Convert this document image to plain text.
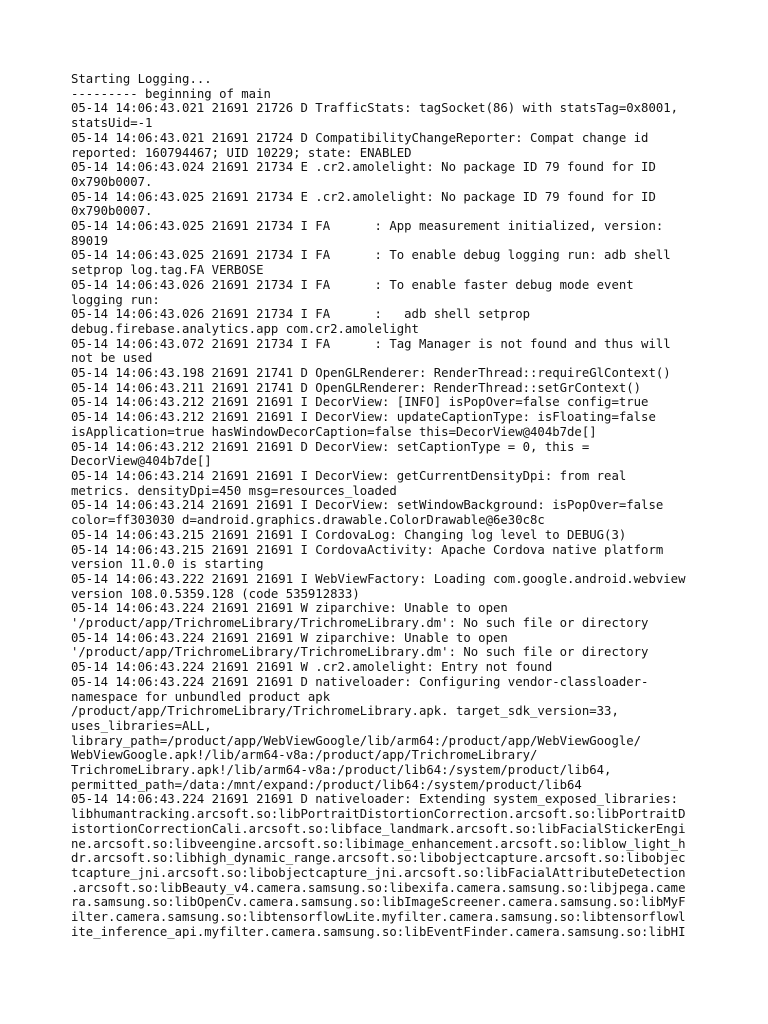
Starting Logging...

--------- beginning of main

05-14 14:06:43.021 21691 21726 D TrafficStats: tagSocket(86) with statsTag=0x8001,
statsUid=-1

05-14 14:06:43.021 21691 21724 D CompatibilityChangeReporter: Compat change id
reported: 160794467; UID 10229; state: ENABLED

05-14 14:06:43.024 21691 21734 E .cr2.amolelight: No package ID 79 found for ID
0x790b0007.

05-14 14:06:43.025 21691 21734 E .cr2.amolelight: No package ID 79 found for ID
0x790b0007.

05-14 14:06:43.025 21691 21734 I FA      : App measurement initialized, version:
89019

05-14 14:06:43.025 21691 21734 I FA      : To enable debug logging run: adb shell
setprop log.tag.FA VERBOSE

05-14 14:06:43.026 21691 21734 I FA      : To enable faster debug mode event
logging run:

05-14 14:06:43.026 21691 21734 I FA      :   adb shell setprop
debug.firebase.analytics.app com.cr2.amolelight

05-14 14:06:43.072 21691 21734 I FA      : Tag Manager is not found and thus will
not be used

05-14 14:06:43.198 21691 21741 D OpenGLRenderer: RenderThread::requireGlContext()

05-14 14:06:43.211 21691 21741 D OpenGLRenderer: RenderThread::setGrContext()

05-14 14:06:43.212 21691 21691 I DecorView: [INFO] isPopOver=false config=true

05-14 14:06:43.212 21691 21691 I DecorView: updateCaptionType: isFloating=false
isApplication=true hasWindowDecorCaption=false this=DecorView@404b7de[]

05-14 14:06:43.212 21691 21691 D DecorView: setCaptionType = 0, this =
DecorView@404b7de[]

05-14 14:06:43.214 21691 21691 I DecorView: getCurrentDensityDpi: from real
metrics. densityDpi=450 msg=resources_loaded

05-14 14:06:43.214 21691 21691 I DecorView: setWindowBackground: isPopOver=false
color=ff303030 d=android.graphics.drawable.ColorDrawable@6e30c8c

05-14 14:06:43.215 21691 21691 I CordovaLog: Changing log level to DEBUG(3)

05-14 14:06:43.215 21691 21691 I CordovaActivity: Apache Cordova native platform
version 11.0.0 is starting

05-14 14:06:43.222 21691 21691 I WebViewFactory: Loading com.google.android.webview
version 108.0.5359.128 (code 535912833)

05-14 14:06:43.224 21691 21691 W ziparchive: Unable to open
'/product/app/TrichromeLibrary/TrichromeLibrary.dm': No such file or directory

05-14 14:06:43.224 21691 21691 W ziparchive: Unable to open
'/product/app/TrichromeLibrary/TrichromeLibrary.dm': No such file or directory

05-14 14:06:43.224 21691 21691 W .cr2.amolelight: Entry not found

05-14 14:06:43.224 21691 21691 D nativeloader: Configuring vendor-classloader-
namespace for unbundled product apk
/product/app/TrichromeLibrary/TrichromeLibrary.apk. target_sdk_version=33,
uses_libraries=ALL,
library_path=/product/app/WebViewGoogle/lib/arm64:/product/app/WebViewGoogle/
WebViewGoogle.apk!/lib/arm64-v8a:/product/app/TrichromeLibrary/
TrichromeLibrary.apk!/lib/arm64-v8a:/product/lib64:/system/product/lib64,
permitted_path=/data:/mnt/expand:/product/lib64:/system/product/lib64

05-14 14:06:43.224 21691 21691 D nativeloader: Extending system_exposed_libraries:
libhumantracking.arcsoft.so:libPortraitDistortionCorrection.arcsoft.so:libPortraitD
istortionCorrectionCali.arcsoft.so:libface_landmark.arcsoft.so:libFacialStickerEngi
ne.arcsoft.so:libveengine.arcsoft.so:libimage_enhancement.arcsoft.so:liblow_light_h
dr.arcsoft.so:libhigh_dynamic_range.arcsoft.so:libobjectcapture.arcsoft.so:libobjec
tcapture_jni.arcsoft.so:libobjectcapture_jni.arcsoft.so:libFacialAttributeDetection
.arcsoft.so:libBeauty_v4.camera.samsung.so:libexifa.camera.samsung.so:libjpega.came
ra.samsung.so:libOpenCv.camera.samsung.so:libImageScreener.camera.samsung.so:libMyF
ilter.camera.samsung.so:libtensorflowLite.myfilter.camera.samsung.so:libtensorflowl
ite_inference_api.myfilter.camera.samsung.so:libEventFinder.camera.samsung.so:libHI
